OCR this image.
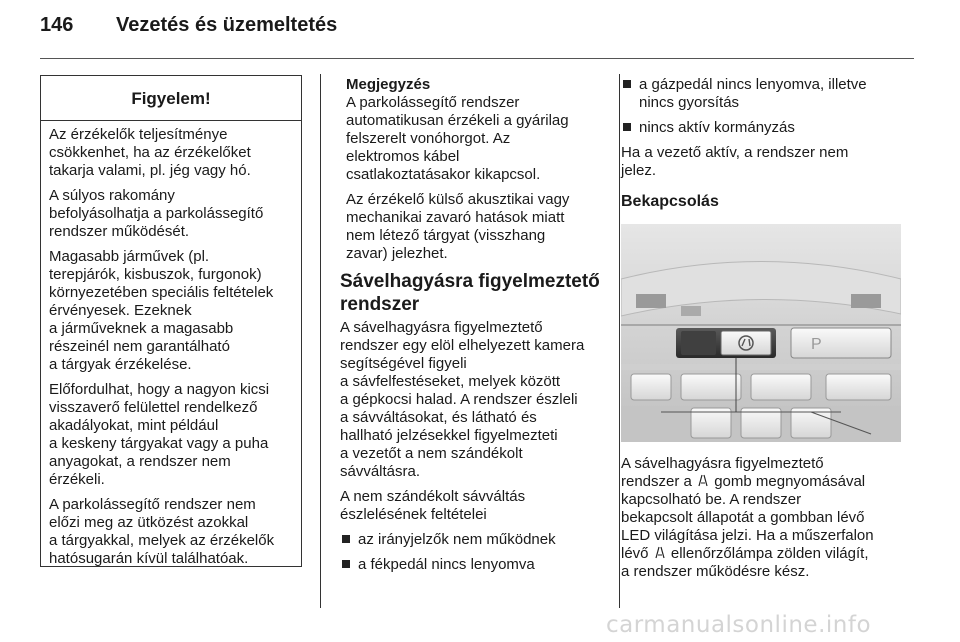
146 Vezetés és üzemeltetés
Figyelem!

Az érzékelők teljesítménye
csökkenhet, ha az érzékelőket
takarja valami, pl. jég vagy hó.

A súlyos rakomány
befolyásolhatja a parkolássegítő
rendszer működését.

Magasabb járművek (pl.
terepjárók, kisbuszok, furgonok)
környezetében speciális feltételek
érvényesek. Ezeknek
a járműveknek a magasabb
részeinél nem garantálható
a tárgyak érzékelése.

Előfordulhat, hogy a nagyon kicsi
visszaverő felülettel rendelkező
akadályokat, mint például
a keskeny tárgyakat vagy a puha
anyagokat, a rendszer nem
érzékeli.

A parkolássegítő rendszer nem
előzi meg az ütközést azokkal
a tárgyakkal, melyek az érzékelők
hatósugarán kívül találhatóak.

Megjegyzés

A parkolássegítő rendszer
automatikusan érzékeli a gyárilag
felszerelt vonóhorgot. Az
elektromos kábel
csatlakoztatásakor kikapcsol.

Az érzékelő külső akusztikai vagy
mechanikai zavaró hatások miatt
nem létező tárgyat (visszhang
zavar) jelezhet.

Sávelhagyásra figyelmeztető
rendszer

A sávelhagyásra figyelmeztető
rendszer egy elöl elhelyezett kamera
segítségével figyeli
a sávfelfestéseket, melyek között
a gépkocsi halad. A rendszer észleli
a sávváltásokat, és látható és
hallható jelzésekkel figyelmezteti
a vezetőt a nem szándékolt
sávváltásra.

A nem szándékolt sávváltás
észlelésének feltételei

az irányjelzők nem működnek
a fékpedál nincs lenyomva
a gázpedál nincs lenyomva, illetve
nincs gyorsítás
nincs aktív kormányzás

Ha a vezető aktív, a rendszer nem
jelez.

Bekapcsolás
P

A sávelhagyásra figyelmeztető
rendszer a gomb megnyomásával
kapcsolható be. A rendszer
bekapcsolt állapotát a gombban lévő
LED világítása jelzi. Ha a műszerfalon
lévő ellenőrzőlámpa zölden világít,
a rendszer működésre kész.

carmanualsonline.info
